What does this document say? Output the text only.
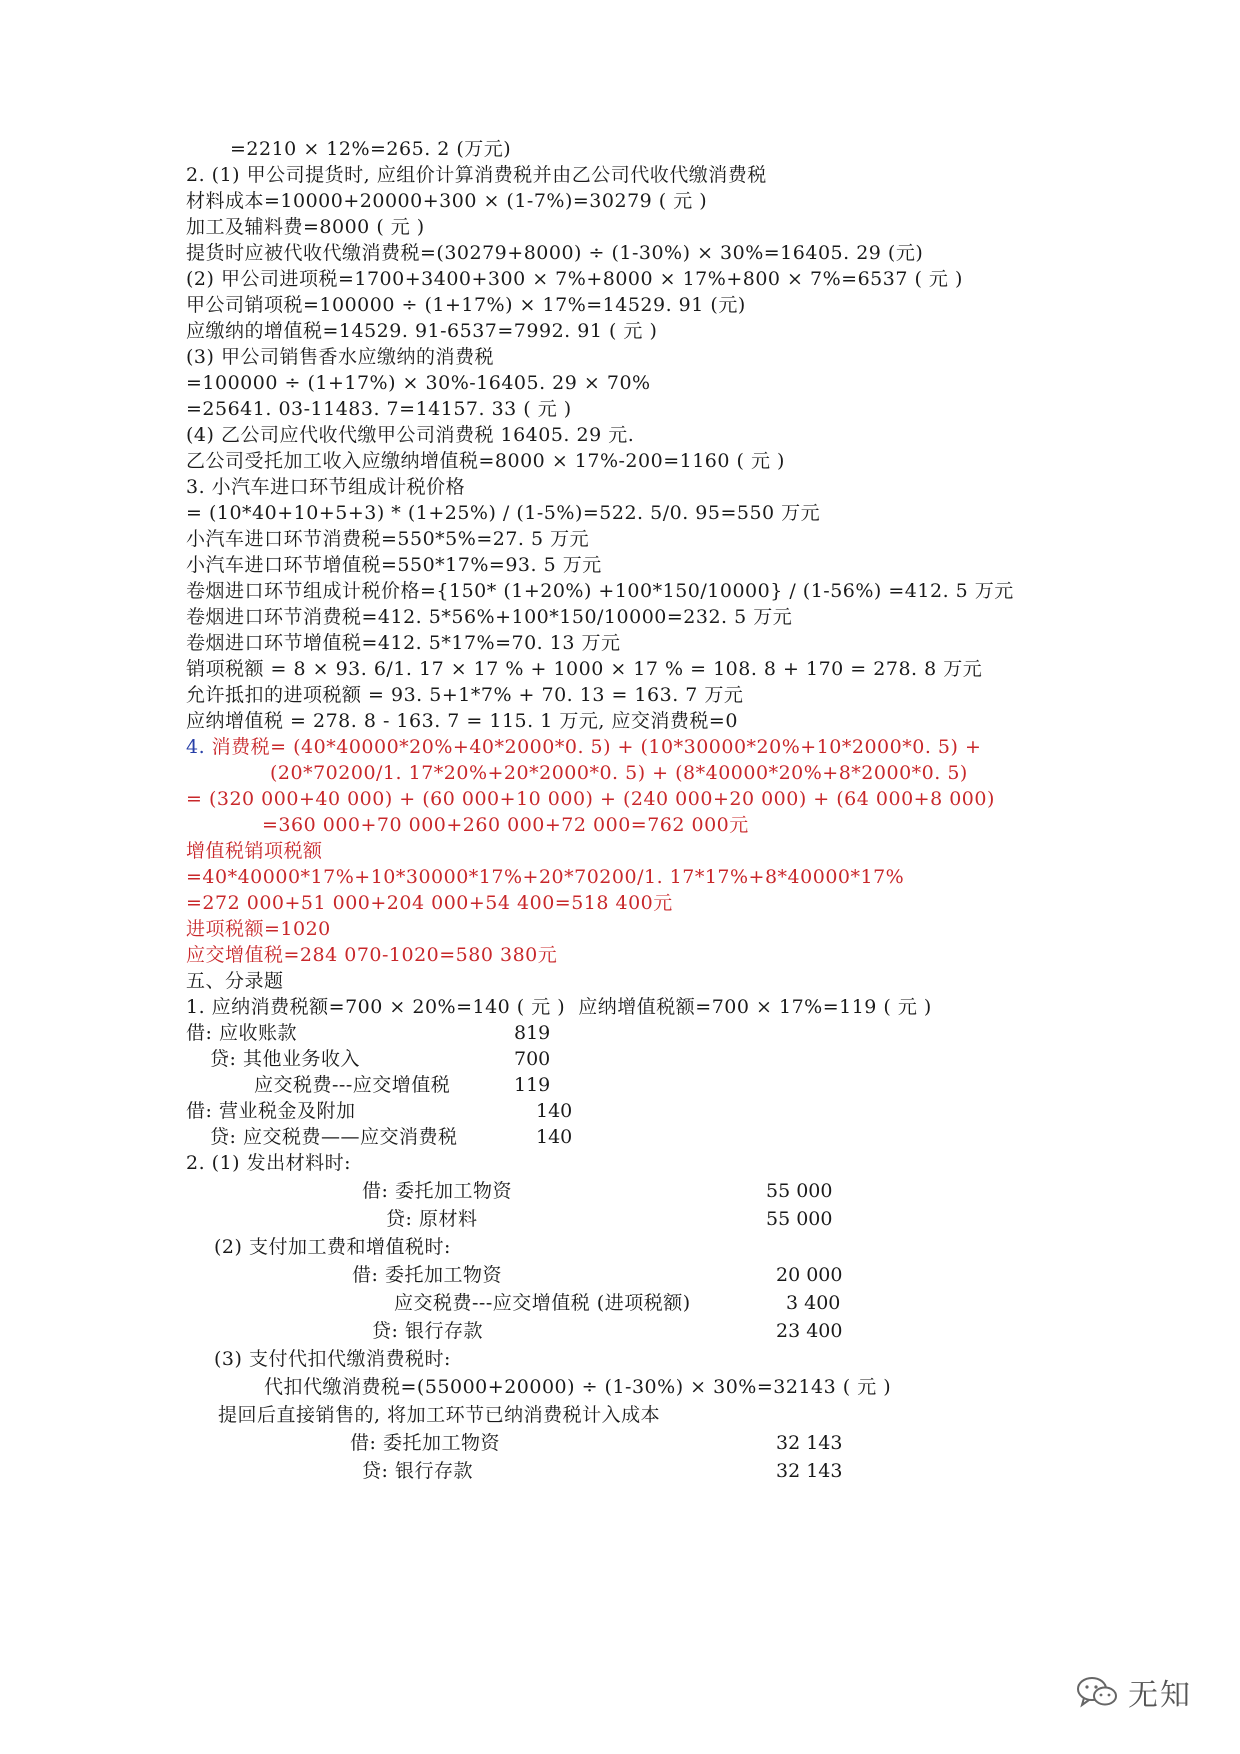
=2210 × 12%=265. 2 (万元)
2. (1) 甲公司提货时, 应组价计算消费税并由乙公司代收代缴消费税
材料成本=10000+20000+300 × (1-7%)=30279 ( 元 )
加工及辅料费=8000 ( 元 )
提货时应被代收代缴消费税=(30279+8000) ÷ (1-30%) × 30%=16405. 29 (元)
(2) 甲公司进项税=1700+3400+300 × 7%+8000 × 17%+800 × 7%=6537 ( 元 )
甲公司销项税=100000 ÷ (1+17%) × 17%=14529. 91 (元)
应缴纳的增值税=14529. 91-6537=7992. 91 ( 元 )
(3) 甲公司销售香水应缴纳的消费税
=100000 ÷ (1+17%) × 30%-16405. 29 × 70%
=25641. 03-11483. 7=14157. 33 ( 元 )
(4) 乙公司应代收代缴甲公司消费税 16405. 29 元.
乙公司受托加工收入应缴纳增值税=8000 × 17%-200=1160 ( 元 )
3. 小汽车进口环节组成计税价格
= (10*40+10+5+3) * (1+25%) / (1-5%)=522. 5/0. 95=550 万元
小汽车进口环节消费税=550*5%=27. 5 万元
小汽车进口环节增值税=550*17%=93. 5 万元
卷烟进口环节组成计税价格={150* (1+20%) +100*150/10000} / (1-56%) =412. 5 万元
卷烟进口环节消费税=412. 5*56%+100*150/10000=232. 5 万元
卷烟进口环节增值税=412. 5*17%=70. 13 万元
销项税额 = 8 × 93. 6/1. 17 × 17 % + 1000 × 17 % = 108. 8 + 170 = 278. 8 万元
允许抵扣的进项税额 = 93. 5+1*7% + 70. 13 = 163. 7 万元
应纳增值税 = 278. 8 - 163. 7 = 115. 1 万元, 应交消费税=0
4. 消费税= (40*40000*20%+40*2000*0. 5) + (10*30000*20%+10*2000*0. 5) +
(20*70200/1. 17*20%+20*2000*0. 5) + (8*40000*20%+8*2000*0. 5)
= (320 000+40 000) + (60 000+10 000) + (240 000+20 000) + (64 000+8 000)
=360 000+70 000+260 000+72 000=762 000元
增值税销项税额
=40*40000*17%+10*30000*17%+20*70200/1. 17*17%+8*40000*17%
=272 000+51 000+204 000+54 400=518 400元
进项税额=1020
应交增值税=284 070-1020=580 380元
五、分录题
1. 应纳消费税额=700 × 20%=140 ( 元 )  应纳增值税额=700 × 17%=119 ( 元 )
借: 应收账款	819
贷: 其他业务收入	700
应交税费---应交增值税	119
借: 营业税金及附加	140
贷: 应交税费——应交消费税	140
2. (1) 发出材料时:
借: 委托加工物资	55 000
贷: 原材料	55 000
(2) 支付加工费和增值税时:
借: 委托加工物资	20 000
应交税费---应交增值税 (进项税额)	3 400
贷: 银行存款	23 400
(3) 支付代扣代缴消费税时:
代扣代缴消费税=(55000+20000) ÷ (1-30%) × 30%=32143 ( 元 )
提回后直接销售的, 将加工环节已纳消费税计入成本
借: 委托加工物资	32 143
贷: 银行存款	32 143
无知
